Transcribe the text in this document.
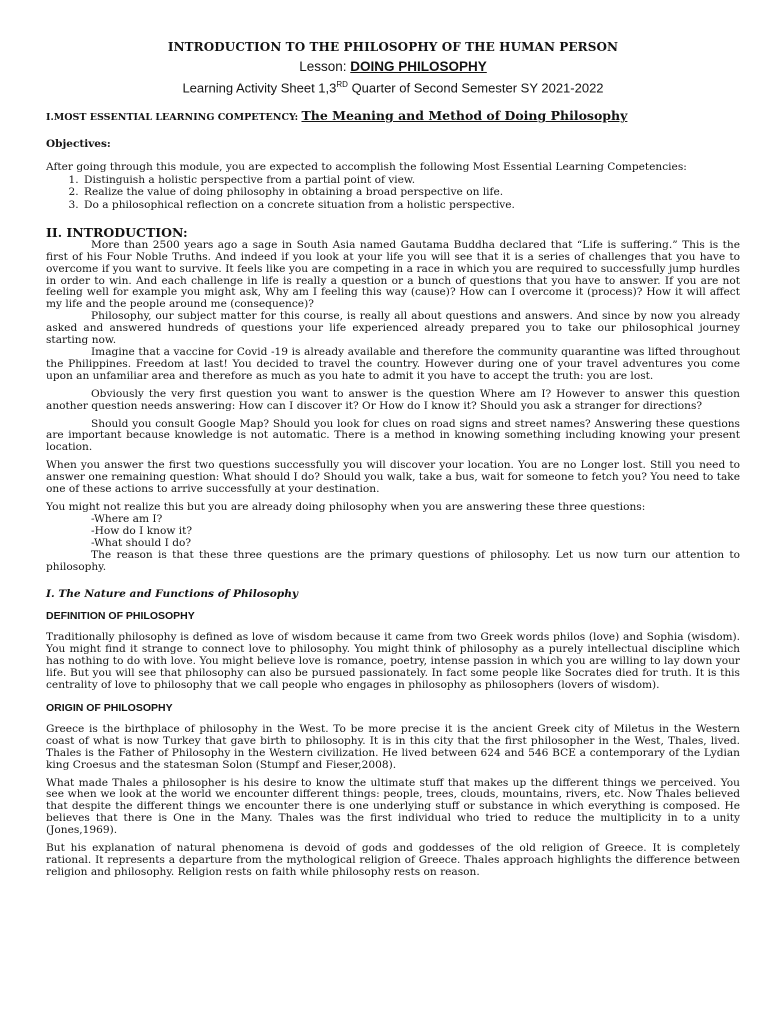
INTRODUCTION TO THE PHILOSOPHY OF THE HUMAN PERSON
Lesson: DOING PHILOSOPHY
Learning Activity Sheet 1,3RD Quarter of Second Semester SY 2021-2022
I.MOST ESSENTIAL LEARNING COMPETENCY: The Meaning and Method of Doing Philosophy
Objectives:

After going through this module, you are expected to accomplish the following Most Essential Learning Competencies:

1. Distinguish a holistic perspective from a partial point of view.
2. Realize the value of doing philosophy in obtaining a broad perspective on life.
3. Do a philosophical reflection on a concrete situation from a holistic perspective.
II. INTRODUCTION:

More than 2500 years ago a sage in South Asia named Gautama Buddha declared that “Life is suffering.” This is the first of his Four Noble Truths. And indeed if you look at your life you will see that it is a series of challenges that you have to overcome if you want to survive. It feels like you are competing in a race in which you are required to successfully jump hurdles in order to win. And each challenge in life is really a question or a bunch of questions that you have to answer. If you are not feeling well for example you might ask, Why am I feeling this way (cause)? How can I overcome it (process)? How it will affect my life and the people around me (consequence)?

Philosophy, our subject matter for this course, is really all about questions and answers. And since by now you already asked and answered hundreds of questions your life experienced already prepared you to take our philosophical journey starting now.

Imagine that a vaccine for Covid -19 is already available and therefore the community quarantine was lifted throughout the Philippines. Freedom at last! You decided to travel the country. However during one of your travel adventures you come upon an unfamiliar area and therefore as much as you hate to admit it you have to accept the truth: you are lost.

Obviously the very first question you want to answer is the question Where am I? However to answer this question another question needs answering: How can I discover it? Or How do I know it? Should you ask a stranger for directions?

Should you consult Google Map? Should you look for clues on road signs and street names? Answering these questions are important because knowledge is not automatic. There is a method in knowing something including knowing your present location.

When you answer the first two questions successfully you will discover your location. You are no Longer lost. Still you need to answer one remaining question: What should I do? Should you walk, take a bus, wait for someone to fetch you? You need to take one of these actions to arrive successfully at your destination.

You might not realize this but you are already doing philosophy when you are answering these three questions:

-Where am I?
-How do I know it?
-What should I do?

The reason is that these three questions are the primary questions of philosophy. Let us now turn our attention to philosophy.

I. The Nature and Functions of Philosophy
DEFINITION OF PHILOSOPHY

Traditionally philosophy is defined as love of wisdom because it came from two Greek words philos (love) and Sophia (wisdom). You might find it strange to connect love to philosophy. You might think of philosophy as a purely intellectual discipline which has nothing to do with love. You might believe love is romance, poetry, intense passion in which you are willing to lay down your life. But you will see that philosophy can also be pursued passionately. In fact some people like Socrates died for truth. It is this centrality of love to philosophy that we call people who engages in philosophy as philosophers (lovers of wisdom).

ORIGIN OF PHILOSOPHY

Greece is the birthplace of philosophy in the West. To be more precise it is the ancient Greek city of Miletus in the Western coast of what is now Turkey that gave birth to philosophy. It is in this city that the first philosopher in the West, Thales, lived. Thales is the Father of Philosophy in the Western civilization. He lived between 624 and 546 BCE a contemporary of the Lydian king Croesus and the statesman Solon (Stumpf and Fieser,2008).

What made Thales a philosopher is his desire to know the ultimate stuff that makes up the different things we perceived. You see when we look at the world we encounter different things: people, trees, clouds, mountains, rivers, etc. Now Thales believed that despite the different things we encounter there is one underlying stuff or substance in which everything is composed. He believes that there is One in the Many. Thales was the first individual who tried to reduce the multiplicity in to a unity (Jones,1969).

But his explanation of natural phenomena is devoid of gods and goddesses of the old religion of Greece. It is completely rational. It represents a departure from the mythological religion of Greece. Thales approach highlights the difference between religion and philosophy. Religion rests on faith while philosophy rests on reason.
